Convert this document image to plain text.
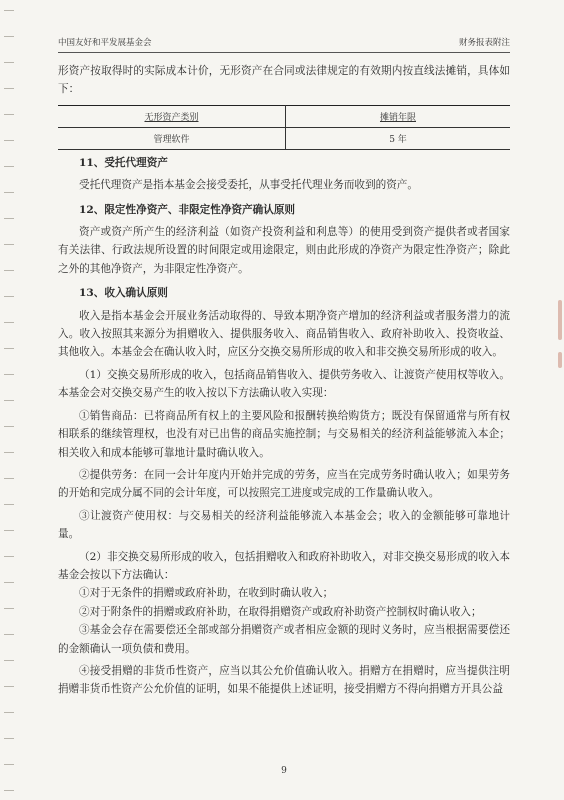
中国友好和平发展基金会	财务报表附注

形资产按取得时的实际成本计价，无形资产在合同或法律规定的有效期内按直线法摊销，具体如下：

无形资产类别	摊销年限
管理软件	5 年
11、受托代理资产

受托代理资产是指本基金会接受委托，从事受托代理业务而收到的资产。

12、限定性净资产、非限定性净资产确认原则

资产或资产所产生的经济利益（如资产投资利益和利息等）的使用受到资产提供者或者国家有关法律、行政法规所设置的时间限定或用途限定，则由此形成的净资产为限定性净资产；除此之外的其他净资产，为非限定性净资产。

13、收入确认原则

收入是指本基金会开展业务活动取得的、导致本期净资产增加的经济利益或者服务潜力的流入。收入按照其来源分为捐赠收入、提供服务收入、商品销售收入、政府补助收入、投资收益、其他收入。本基金会在确认收入时，应区分交换交易所形成的收入和非交换交易所形成的收入。

（1）交换交易所形成的收入，包括商品销售收入、提供劳务收入、让渡资产使用权等收入。本基金会对交换交易产生的收入按以下方法确认收入实现：

①销售商品：已将商品所有权上的主要风险和报酬转换给购货方；既没有保留通常与所有权相联系的继续管理权，也没有对已出售的商品实施控制；与交易相关的经济利益能够流入本企；相关收入和成本能够可靠地计量时确认收入。

②提供劳务：在同一会计年度内开始并完成的劳务，应当在完成劳务时确认收入；如果劳务的开始和完成分属不同的会计年度，可以按照完工进度或完成的工作量确认收入。

③让渡资产使用权：与交易相关的经济利益能够流入本基金会；收入的金额能够可靠地计量。

（2）非交换交易所形成的收入，包括捐赠收入和政府补助收入，对非交换交易形成的收入本基金会按以下方法确认：

①对于无条件的捐赠或政府补助，在收到时确认收入；

②对于附条件的捐赠或政府补助，在取得捐赠资产或政府补助资产控制权时确认收入；

③基金会存在需要偿还全部或部分捐赠资产或者相应金额的现时义务时，应当根据需要偿还的金额确认一项负债和费用。

④接受捐赠的非货币性资产，应当以其公允价值确认收入。捐赠方在捐赠时，应当提供注明捐赠非货币性资产公允价值的证明，如果不能提供上述证明，接受捐赠方不得向捐赠方开具公益

9
